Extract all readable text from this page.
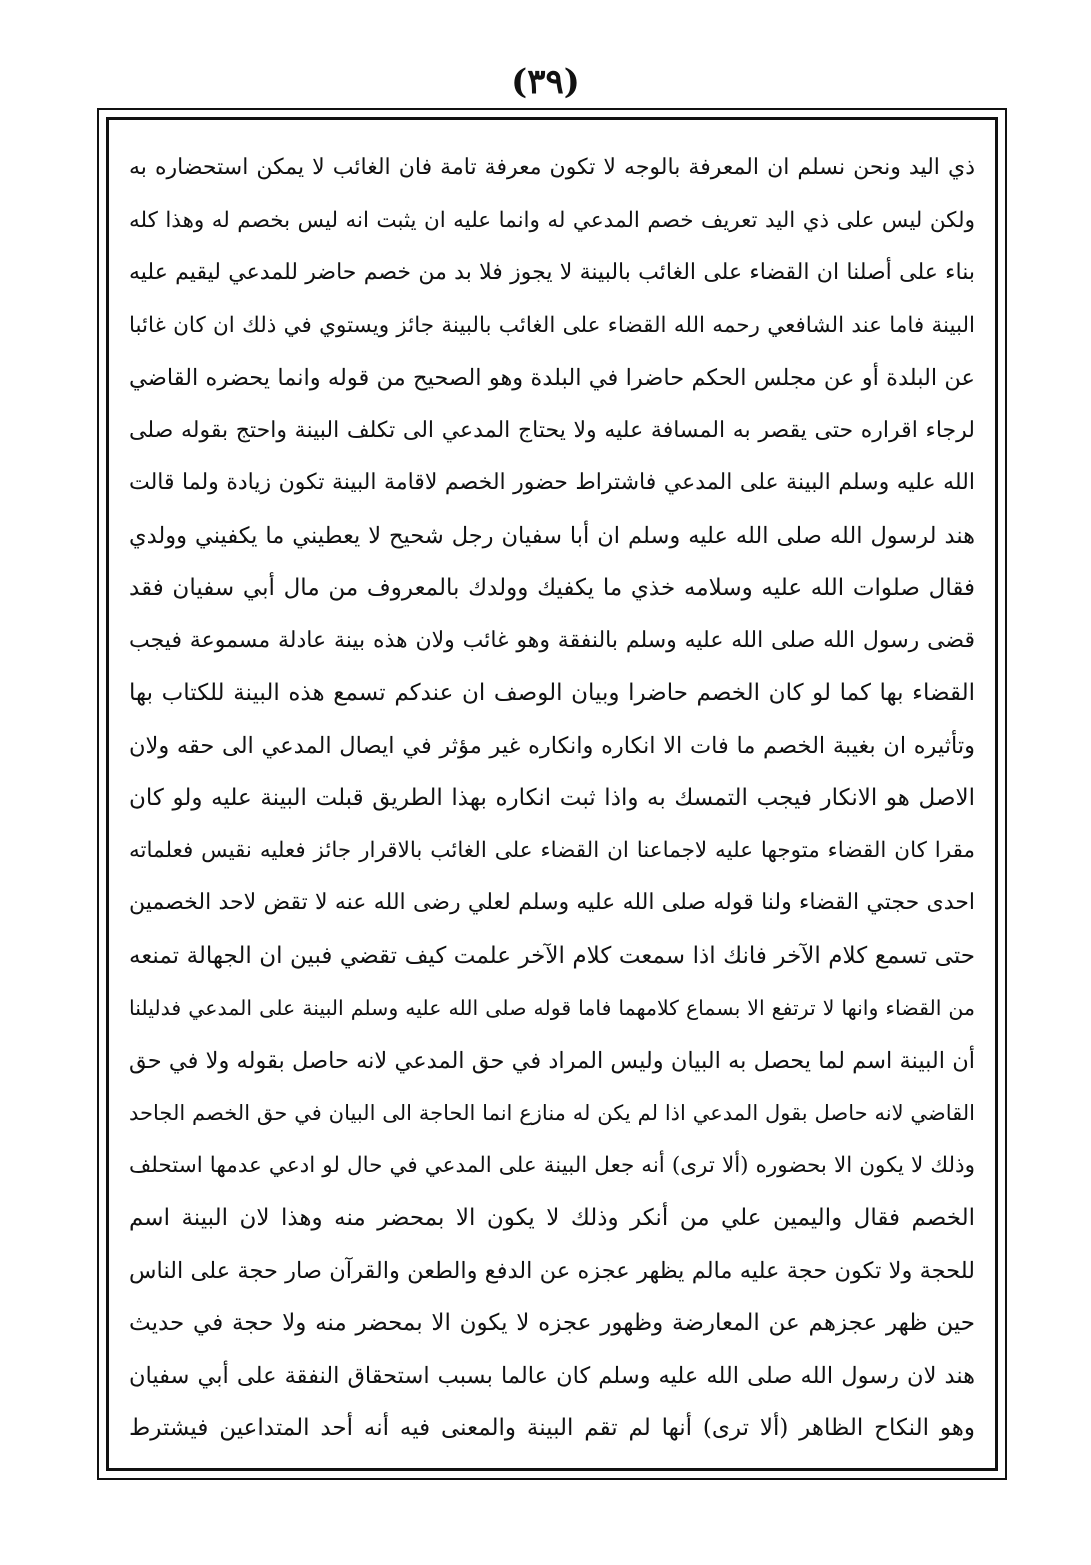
(٣٩)
ذي اليد ونحن نسلم ان المعرفة بالوجه لا تكون معرفة تامة فان الغائب لا يمكن استحضاره به
ولكن ليس على ذي اليد تعريف خصم المدعي له وانما عليه ان يثبت انه ليس بخصم له وهذا كله
بناء على أصلنا ان القضاء على الغائب بالبينة لا يجوز فلا بد من خصم حاضر للمدعي ليقيم عليه
البينة فاما عند الشافعي رحمه الله القضاء على الغائب بالبينة جائز ويستوي في ذلك ان كان غائبا
عن البلدة أو عن مجلس الحكم حاضرا في البلدة وهو الصحيح من قوله وانما يحضره القاضي
لرجاء اقراره حتى يقصر به المسافة عليه ولا يحتاج المدعي الى تكلف البينة واحتج بقوله صلى
الله عليه وسلم البينة على المدعي فاشتراط حضور الخصم لاقامة البينة تكون زيادة ولما قالت
هند لرسول الله صلى الله عليه وسلم ان أبا سفيان رجل شحيح لا يعطيني ما يكفيني وولدي
فقال صلوات الله عليه وسلامه خذي ما يكفيك وولدك بالمعروف من مال أبي سفيان فقد
قضى رسول الله صلى الله عليه وسلم بالنفقة وهو غائب ولان هذه بينة عادلة مسموعة فيجب
القضاء بها كما لو كان الخصم حاضرا وبيان الوصف ان عندكم تسمع هذه البينة للكتاب بها
وتأثيره ان بغيبة الخصم ما فات الا انكاره وانكاره غير مؤثر في ايصال المدعي الى حقه ولان
الاصل هو الانكار فيجب التمسك به واذا ثبت انكاره بهذا الطريق قبلت البينة عليه ولو كان
مقرا كان القضاء متوجها عليه لاجماعنا ان القضاء على الغائب بالاقرار جائز فعليه نقيس فعلماته
احدى حجتي القضاء ولنا قوله صلى الله عليه وسلم لعلي رضى الله عنه لا تقض لاحد الخصمين
حتى تسمع كلام الآخر فانك اذا سمعت كلام الآخر علمت كيف تقضي فبين ان الجهالة تمنعه
من القضاء وانها لا ترتفع الا بسماع كلامهما فاما قوله صلى الله عليه وسلم البينة على المدعي فدليلنا
أن البينة اسم لما يحصل به البيان وليس المراد في حق المدعي لانه حاصل بقوله ولا في حق
القاضي لانه حاصل بقول المدعي اذا لم يكن له منازع انما الحاجة الى البيان في حق الخصم الجاحد
وذلك لا يكون الا بحضوره (ألا ترى) أنه جعل البينة على المدعي في حال لو ادعي عدمها استحلف
الخصم فقال واليمين علي من أنكر وذلك لا يكون الا بمحضر منه وهذا لان البينة اسم
للحجة ولا تكون حجة عليه مالم يظهر عجزه عن الدفع والطعن والقرآن صار حجة على الناس
حين ظهر عجزهم عن المعارضة وظهور عجزه لا يكون الا بمحضر منه ولا حجة في حديث
هند لان رسول الله صلى الله عليه وسلم كان عالما بسبب استحقاق النفقة على أبي سفيان
وهو النكاح الظاهر (ألا ترى) أنها لم تقم البينة والمعنى فيه أنه أحد المتداعين فيشترط
